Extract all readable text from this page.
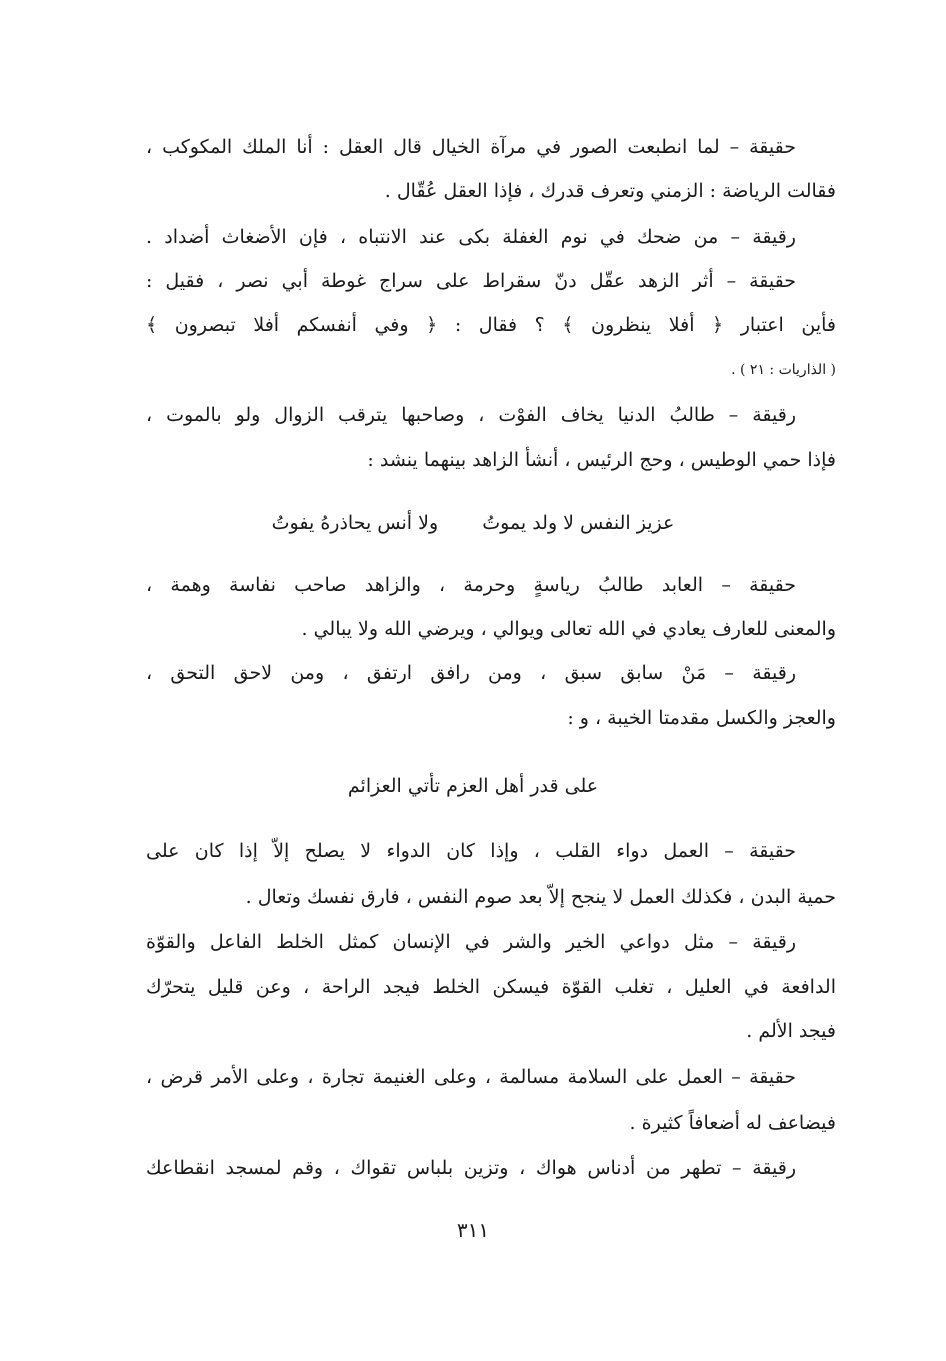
حقيقة – لما انطبعت الصور في مرآة الخيال قال العقل : أنا الملك المكوكب ،

فقالت الرياضة : الزمني وتعرف قدرك ، فإذا العقل عُقّال .

رقيقة – من ضحك في نوم الغفلة بكى عند الانتباه ، فإن الأضغاث أضداد .

حقيقة – أثر الزهد عقّل دنّ سقراط على سراج غوطة أبي نصر ، فقيل :

فأين اعتبار ﴿ أفلا ينظرون ﴾ ؟ فقال : ﴿ وفي أنفسكم أفلا تبصرون ﴾

( الذاريات : ٢١ ) .

رقيقة – طالبُ الدنيا يخاف الفوْت ، وصاحبها يترقب الزوال ولو بالموت ،

فإذا حمي الوطيس ، وحج الرئيس ، أنشأ الزاهد بينهما ينشد :

عزيز النفس لا ولد يموتُ ولا أنس يحاذرهُ يفوتُ

حقيقة – العابد طالبُ رياسةٍ وحرمة ، والزاهد صاحب نفاسة وهمة ،

والمعنى للعارف يعادي في الله تعالى ويوالي ، ويرضي الله ولا يبالي .

رقيقة – مَنْ سابق سبق ، ومن رافق ارتفق ، ومن لاحق التحق ،

والعجز والكسل مقدمتا الخيبة ، و :

على قدر أهل العزم تأتي العزائم

حقيقة – العمل دواء القلب ، وإذا كان الدواء لا يصلح إلاّ إذا كان على

حمية البدن ، فكذلك العمل لا ينجح إلاّ بعد صوم النفس ، فارق نفسك وتعال .

رقيقة – مثل دواعي الخير والشر في الإنسان كمثل الخلط الفاعل والقوّة

الدافعة في العليل ، تغلب القوّة فيسكن الخلط فيجد الراحة ، وعن قليل يتحرّك

فيجد الألم .

حقيقة – العمل على السلامة مسالمة ، وعلى الغنيمة تجارة ، وعلى الأمر قرض ،

فيضاعف له أضعافاً كثيرة .

رقيقة – تطهر من أدناس هواك ، وتزين بلباس تقواك ، وقم لمسجد انقطاعك

٣١١
